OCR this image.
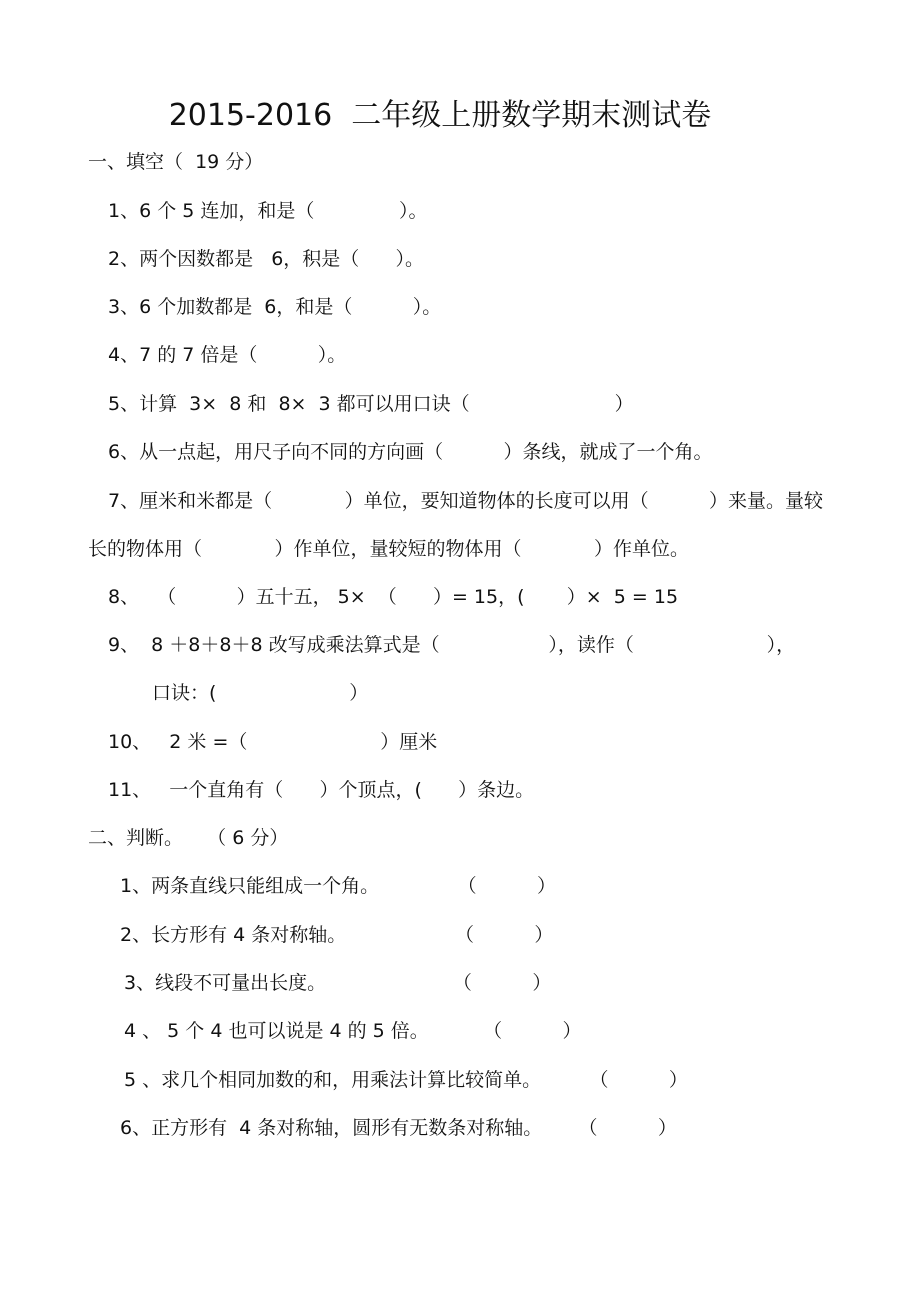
2015-2016  二年级上册数学期末测试卷
一、填空（  19 分）
1、6 个 5 连加，和是（              ）。
2、两个因数都是   6，积是（      ）。
3、6 个加数都是  6，和是（          ）。
4、7 的 7 倍是（          ）。
5、计算  3×  8 和  8×  3 都可以用口诀（                        ）
6、从一点起，用尺子向不同的方向画（          ）条线，就成了一个角。
7、厘米和米都是（            ）单位，要知道物体的长度可以用（          ）来量。量较
长的物体用（            ）作单位，量较短的物体用（            ）作单位。
8、   （          ）五十五， 5×  （      ）= 15，(       ）×  5 = 15
9、  8 ＋8＋8＋8 改写成乘法算式是（                  ），读作（                      ），
口诀：(                      ）
10、   2 米 =（                      ）厘米
11、   一个直角有（      ）个顶点，(      ）条边。
二、判断。    （ 6 分）
1、两条直线只能组成一个角。             （          ）
2、长方形有 4 条对称轴。                  （          ）
3、线段不可量出长度。                     （          ）
4 、 5 个 4 也可以说是 4 的 5 倍。         （          ）
5 、求几个相同加数的和，用乘法计算比较简单。        （          ）
6、正方形有  4 条对称轴，圆形有无数条对称轴。      （          ）
